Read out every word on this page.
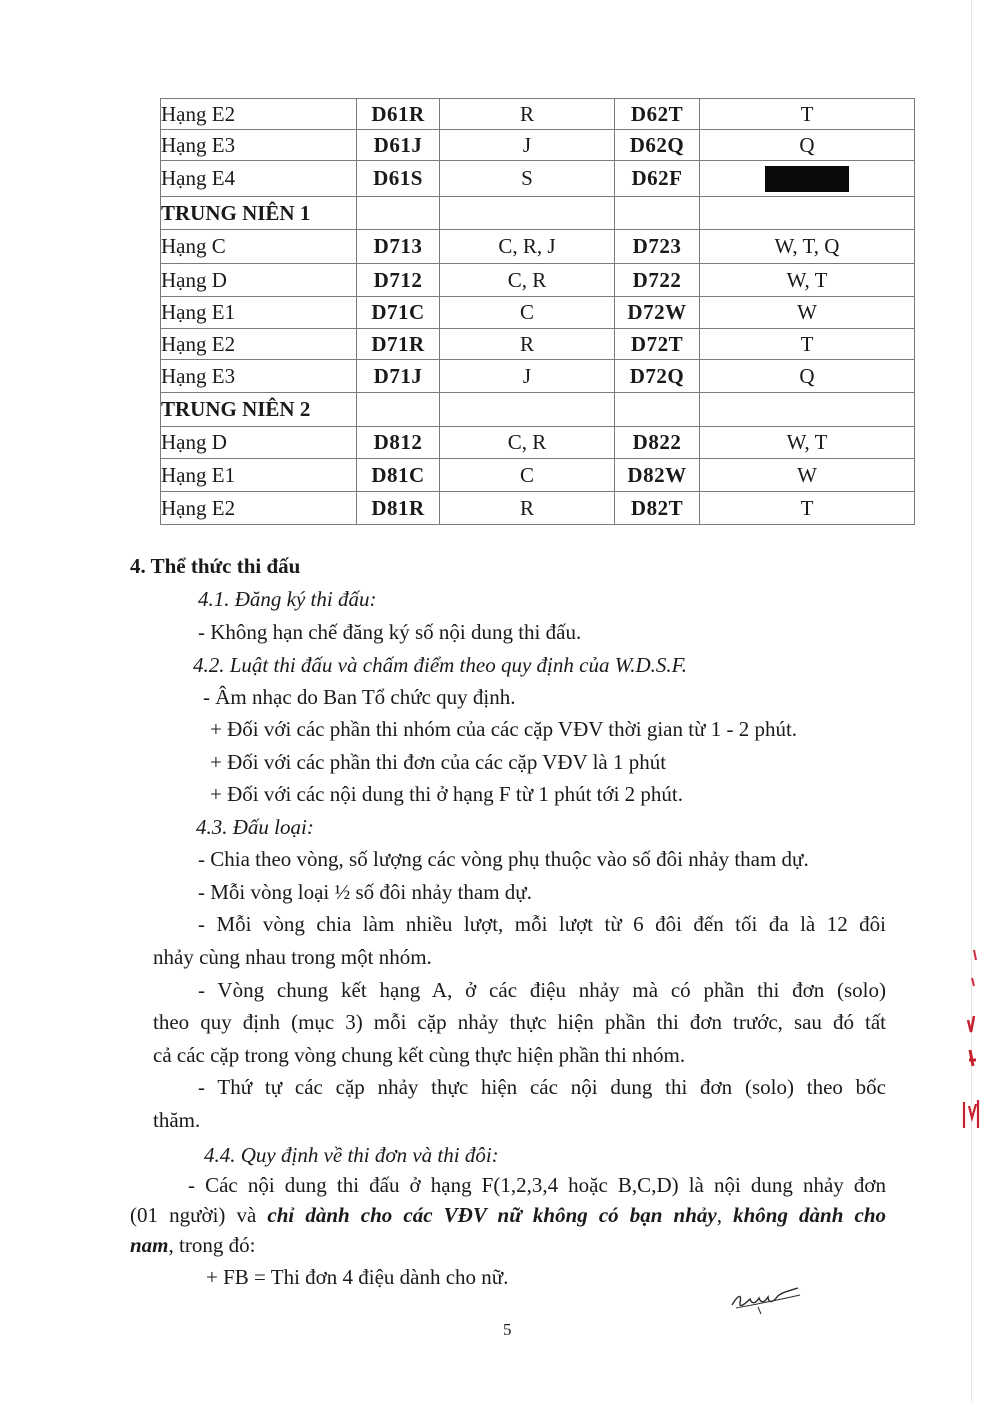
Hạng E2	D61R	R	D62T	T
Hạng E3	D61J	J	D62Q	Q
Hạng E4	D61S	S	D62F	
TRUNG NIÊN 1				
Hạng C	D713	C, R, J	D723	W, T, Q
Hạng D	D712	C, R	D722	W, T
Hạng E1	D71C	C	D72W	W
Hạng E2	D71R	R	D72T	T
Hạng E3	D71J	J	D72Q	Q
TRUNG NIÊN 2				
Hạng D	D812	C, R	D822	W, T
Hạng E1	D81C	C	D82W	W
Hạng E2	D81R	R	D82T	T
4. Thể thức thi đấu
4.1. Đăng ký thi đấu:
- Không hạn chế đăng ký số nội dung thi đấu.
4.2. Luật thi đấu và chấm điểm theo quy định của W.D.S.F.
- Âm nhạc do Ban Tổ chức quy định.
+ Đối với các phần thi nhóm của các cặp VĐV thời gian từ 1 - 2 phút.
+ Đối với các phần thi đơn của các cặp VĐV là 1 phút
+ Đối với các nội dung thi ở hạng F từ 1 phút tới 2 phút.
4.3. Đấu loại:
- Chia theo vòng, số lượng các vòng phụ thuộc vào số đôi nhảy tham dự.
- Mỗi vòng loại ½ số đôi nhảy tham dự.
- Mỗi vòng chia làm nhiều lượt, mỗi lượt từ 6 đôi đến tối đa là 12 đôi
nhảy cùng nhau trong một nhóm.
- Vòng chung kết hạng A, ở các điệu nhảy mà có phần thi đơn (solo)
theo quy định (mục 3) mỗi cặp nhảy thực hiện phần thi đơn trước, sau đó tất
cả các cặp trong vòng chung kết cùng thực hiện phần thi nhóm.
- Thứ tự các cặp nhảy thực hiện các nội dung thi đơn (solo) theo bốc
thăm.
4.4. Quy định về thi đơn và thi đôi:
- Các nội dung thi đấu ở hạng F(1,2,3,4 hoặc B,C,D) là nội dung nhảy đơn
(01 người) và chỉ dành cho các VĐV nữ không có bạn nhảy, không dành cho
nam, trong đó:
+ FB = Thi đơn 4 điệu dành cho nữ.
5
